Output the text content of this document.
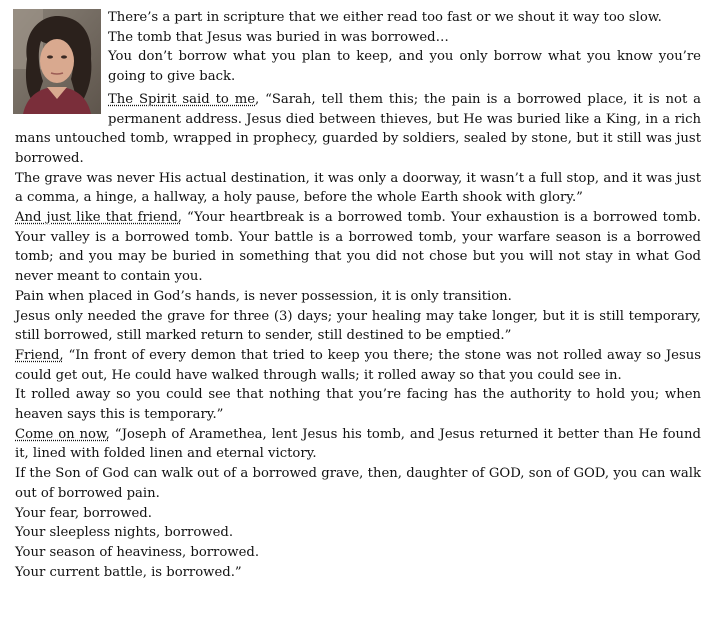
There’s a part in scripture that we either read too fast or we shout it way too slow.

The tomb that Jesus was buried in was borrowed…

You don’t borrow what you plan to keep, and you only borrow what you know you’re going to give back.

The Spirit said to me, “Sarah, tell them this; the pain is a borrowed place, it is not a permanent address. Jesus died between thieves, but He was buried like a King, in a rich mans untouched tomb, wrapped in prophecy, guarded by soldiers, sealed by stone, but it still was just borrowed.

The grave was never His actual destination, it was only a doorway, it wasn’t a full stop, and it was just a comma, a hinge, a hallway, a holy pause, before the whole Earth shook with glory.”

And just like that friend, “Your heartbreak is a borrowed tomb. Your exhaustion is a borrowed tomb. Your valley is a borrowed tomb. Your battle is a borrowed tomb, your warfare season is a borrowed tomb; and you may be buried in something that you did not chose but you will not stay in what God never meant to contain you.

Pain when placed in God’s hands, is never possession, it is only transition.

Jesus only needed the grave for three (3) days; your healing may take longer, but it is still temporary, still borrowed, still marked return to sender, still destined to be emptied.”

Friend, “In front of every demon that tried to keep you there; the stone was not rolled away so Jesus could get out, He could have walked through walls; it rolled away so that you could see in.

It rolled away so you could see that nothing that you’re facing has the authority to hold you; when heaven says this is temporary.”

Come on now, “Joseph of Aramethea, lent Jesus his tomb, and Jesus returned it better than He found it, lined with folded linen and eternal victory.

If the Son of God can walk out of a borrowed grave, then, daughter of GOD, son of GOD, you can walk out of borrowed pain.

Your fear, borrowed.

Your sleepless nights, borrowed.

Your season of heaviness, borrowed.

Your current battle, is borrowed.”
